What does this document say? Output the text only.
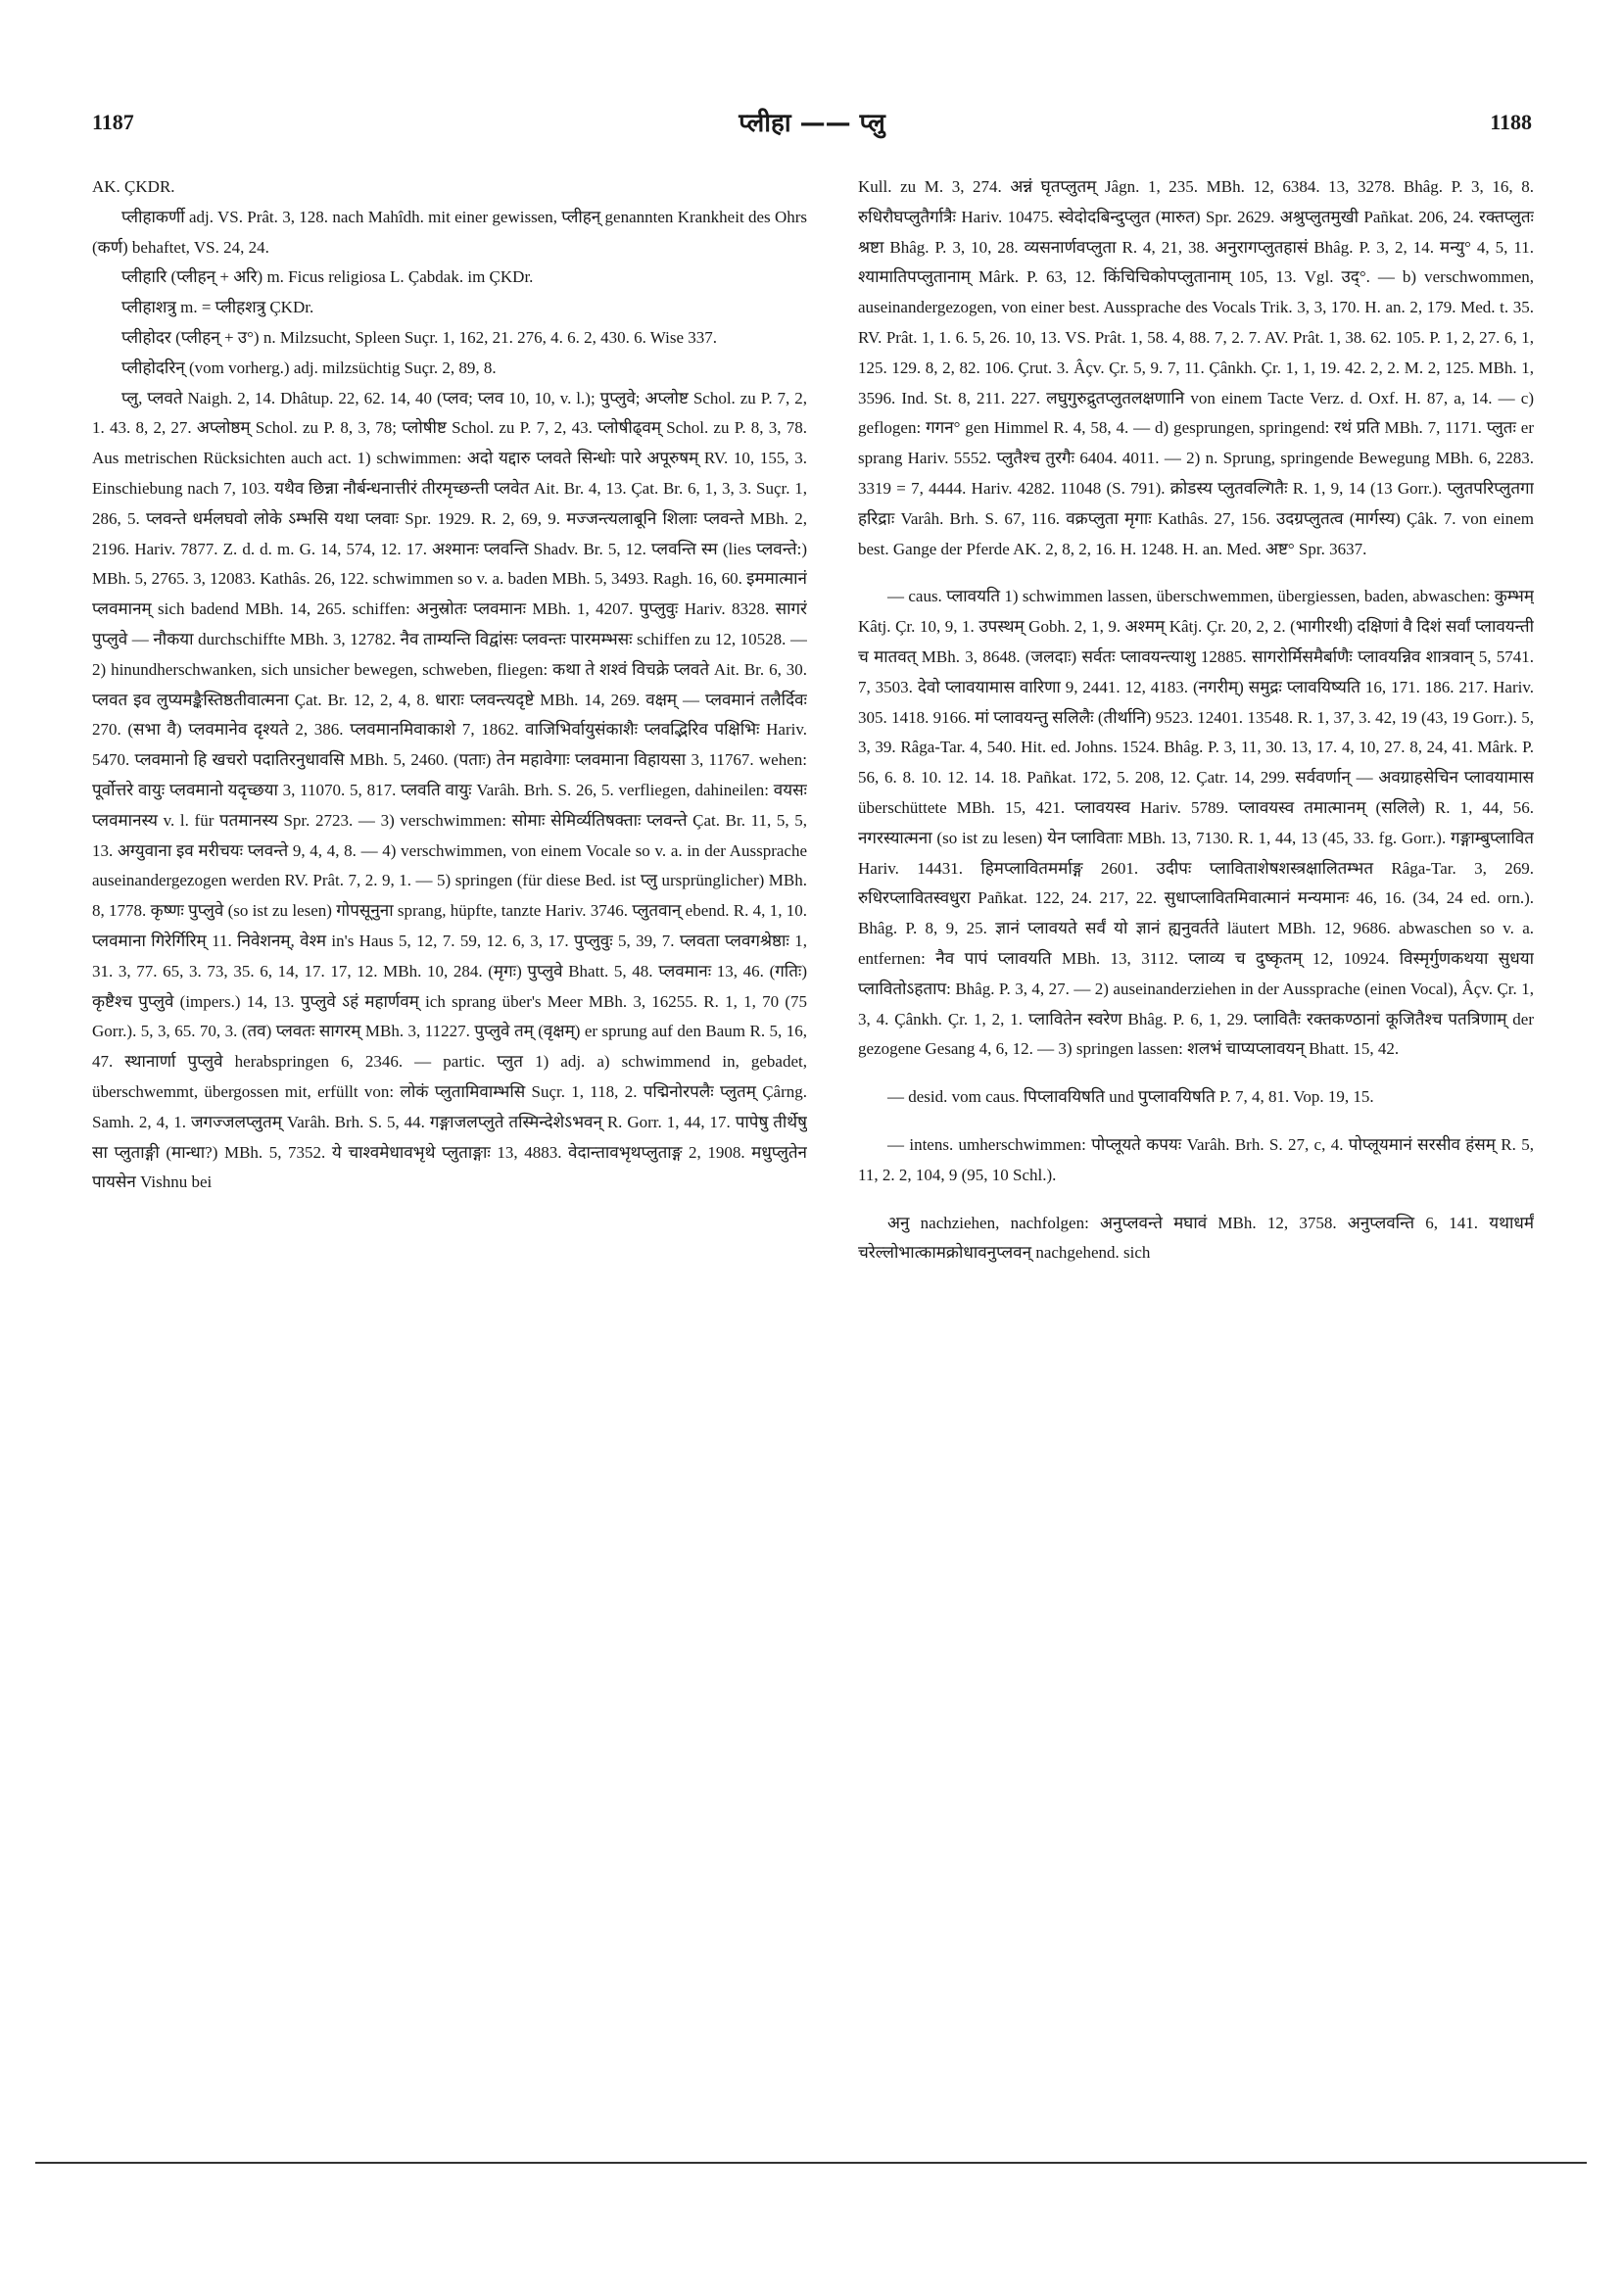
1187	प्लीहा —— प्लु	1188

AK. ÇKDR.

प्लीहाकर्णी adj. VS. Prât. 3, 128. nach Mahîdh. mit einer gewissen, प्लीहन् genannten Krankheit des Ohrs (कर्ण) behaftet, VS. 24, 24.

प्लीहारि (प्लीहन् + अरि) m. Ficus religiosa L. Çabdak. im ÇKDr.

प्लीहाशत्रु m. = प्लीहशत्रु ÇKDr.

प्लीहोदर (प्लीहन् + उ°) n. Milzsucht, Spleen Suçr. 1, 162, 21. 276, 4. 6. 2, 430. 6. Wise 337.

प्लीहोदरिन् (vom vorherg.) adj. milzsüchtig Suçr. 2, 89, 8.

प्लु, प्लवते Naigh. 2, 14. Dhâtup. 22, 62. 14, 40 (प्लव; प्लव 10, 10, v. l.); पुप्लुवे; अप्लोष्ट Schol. zu P. 7, 2, 1. 43. 8, 2, 27. अप्लोष्ठम् Schol. zu P. 8, 3, 78; प्लोषीष्ट Schol. zu P. 7, 2, 43. प्लोषीढ्वम् Schol. zu P. 8, 3, 78. Aus metrischen Rücksichten auch act. 1) schwimmen: अदो यद्दारु प्लवते सिन्धोः पारे अपूरुषम् RV. 10, 155, 3. Einschiebung nach 7, 103. यथैव छिन्ना नौर्बन्धनात्तीरं तीरमृच्छन्ती प्लवेत Ait. Br. 4, 13. Çat. Br. 6, 1, 3, 3. Suçr. 1, 286, 5. प्लवन्ते धर्मलघवो लोके ऽम्भसि यथा प्लवाः Spr. 1929. R. 2, 69, 9. मज्जन्त्यलाबूनि शिलाः प्लवन्ते MBh. 2, 2196. Hariv. 7877. Z. d. d. m. G. 14, 574, 12. 17. अश्मानः प्लवन्ति Shadv. Br. 5, 12. प्लवन्ति स्म (lies प्लवन्ते:) MBh. 5, 2765. 3, 12083. Kathâs. 26, 122. schwimmen so v. a. baden MBh. 5, 3493. Ragh. 16, 60. इममात्मानं प्लवमानम् sich badend MBh. 14, 265. schiffen: अनुस्रोतः प्लवमानः MBh. 1, 4207. पुप्लुवुः Hariv. 8328. सागरं पुप्लुवे — नौकया durchschiffte MBh. 3, 12782. नैव ताम्यन्ति विद्वांसः प्लवन्तः पारमम्भसः schiffen zu 12, 10528. — 2) hinundherschwanken, sich unsicher bewegen, schweben, fliegen: कथा ते शश्वं विचक्रे प्लवते Ait. Br. 6, 30. प्लवत इव लुप्यमङ्कैस्तिष्ठतीवात्मना Çat. Br. 12, 2, 4, 8. धाराः प्लवन्त्यदृष्टे MBh. 14, 269. वक्षम् — प्लवमानं तलैर्दिवः 270. (सभा वै) प्लवमानेव दृश्यते 2, 386. प्लवमानमिवाकाशे 7, 1862. वाजिभिर्वायुसंकाशैः प्लवद्भिरिव पक्षिभिः Hariv. 5470. प्लवमानो हि खचरो पदातिरनुधावसि MBh. 5, 2460. (पताः) तेन महावेगाः प्लवमाना विहायसा 3, 11767. wehen: पूर्वोत्तरे वायुः प्लवमानो यदृच्छया 3, 11070. 5, 817. प्लवति वायुः Varâh. Brh. S. 26, 5. verfliegen, dahineilen: वयसः प्लवमानस्य v. l. für पतमानस्य Spr. 2723. — 3) verschwimmen: सोमाः सेमिर्व्यतिषक्ताः प्लवन्ते Çat. Br. 11, 5, 5, 13. अग्युवाना इव मरीचयः प्लवन्ते 9, 4, 4, 8. — 4) verschwimmen, von einem Vocale so v. a. in der Aussprache auseinandergezogen werden RV. Prât. 7, 2. 9, 1. — 5) springen (für diese Bed. ist प्लु ursprünglicher) MBh. 8, 1778. कृष्णः पुप्लुवे (so ist zu lesen) गोपसूनुना sprang, hüpfte, tanzte Hariv. 3746. प्लुतवान् ebend. R. 4, 1, 10. प्लवमाना गिरेर्गिरिम् 11. निवेशनम्, वेश्म in's Haus 5, 12, 7. 59, 12. 6, 3, 17. पुप्लुवुः 5, 39, 7. प्लवता प्लवगश्रेष्ठाः 1, 31. 3, 77. 65, 3. 73, 35. 6, 14, 17. 17, 12. MBh. 10, 284. (मृगः) पुप्लुवे Bhatt. 5, 48. प्लवमानः 13, 46. (गतिः) कृष्टैश्च पुप्लुवे (impers.) 14, 13. पुप्लुवे ऽहं महार्णवम् ich sprang über's Meer MBh. 3, 16255. R. 1, 1, 70 (75 Gorr.). 5, 3, 65. 70, 3. (तव) प्लवतः सागरम् MBh. 3, 11227. पुप्लुवे तम् (वृक्षम्) er sprung auf den Baum R. 5, 16, 47. स्थानार्णा पुप्लुवे herabspringen 6, 2346. — partic. प्लुत 1) adj. a) schwimmend in, gebadet, überschwemmt, übergossen mit, erfüllt von: लोकं प्लुतामिवाम्भसि Suçr. 1, 118, 2. पद्मिनोरपलैः प्लुतम् Çârng. Samh. 2, 4, 1. जगज्जलप्लुतम् Varâh. Brh. S. 5, 44. गङ्गाजलप्लुते तस्मिन्देशेऽभवन् R. Gorr. 1, 44, 17. पापेषु तीर्थेषु सा प्लुताङ्गी (मान्धा?) MBh. 5, 7352. ये चाश्वमेधावभृथे प्लुताङ्गाः 13, 4883. वेदान्तावभृथप्लुताङ्ग 2, 1908. मधुप्लुतेन पायसेन Vishnu bei

Kull. zu M. 3, 274. अन्नं घृतप्लुतम् Jâgn. 1, 235. MBh. 12, 6384. 13, 3278. Bhâg. P. 3, 16, 8. रुधिरौघप्लुतैर्गात्रैः Hariv. 10475. स्वेदोदबिन्दुप्लुत (मारुत) Spr. 2629. अश्रुप्लुतमुखी Pañkat. 206, 24. रक्तप्लुतः श्रष्टा Bhâg. P. 3, 10, 28. व्यसनार्णवप्लुता R. 4, 21, 38. अनुरागप्लुतहासं Bhâg. P. 3, 2, 14. मन्यु° 4, 5, 11. श्यामातिपप्लुतानाम् Mârk. P. 63, 12. किंचिचिकोपप्लुतानाम् 105, 13. Vgl. उद्°. — b) verschwommen, auseinandergezogen, von einer best. Aussprache des Vocals Trik. 3, 3, 170. H. an. 2, 179. Med. t. 35. RV. Prât. 1, 1. 6. 5, 26. 10, 13. VS. Prât. 1, 58. 4, 88. 7, 2. 7. AV. Prât. 1, 38. 62. 105. P. 1, 2, 27. 6, 1, 125. 129. 8, 2, 82. 106. Çrut. 3. Âçv. Çr. 5, 9. 7, 11. Çânkh. Çr. 1, 1, 19. 42. 2, 2. M. 2, 125. MBh. 1, 3596. Ind. St. 8, 211. 227. लघुगुरुद्रुतप्लुतलक्षणानि von einem Tacte Verz. d. Oxf. H. 87, a, 14. — c) geflogen: गगन° gen Himmel R. 4, 58, 4. — d) gesprungen, springend: रथं प्रति MBh. 7, 1171. प्लुतः er sprang Hariv. 5552. प्लुतैश्च तुरगैः 6404. 4011. — 2) n. Sprung, springende Bewegung MBh. 6, 2283. 3319 = 7, 4444. Hariv. 4282. 11048 (S. 791). क्रोडस्य प्लुतवल्गितैः R. 1, 9, 14 (13 Gorr.). प्लुतपरिप्लुतगा हरिद्राः Varâh. Brh. S. 67, 116. वक्रप्लुता मृगाः Kathâs. 27, 156. उदग्रप्लुतत्व (मार्गस्य) Çâk. 7. von einem best. Gange der Pferde AK. 2, 8, 2, 16. H. 1248. H. an. Med. अष्ट° Spr. 3637.

— caus. प्लावयति 1) schwimmen lassen, überschwemmen, übergiessen, baden, abwaschen: कुम्भम् Kâtj. Çr. 10, 9, 1. उपस्थम् Gobh. 2, 1, 9. अश्मम् Kâtj. Çr. 20, 2, 2. (भागीरथी) दक्षिणां वै दिशं सर्वां प्लावयन्ती च मातवत् MBh. 3, 8648. (जलदाः) सर्वतः प्लावयन्त्याशु 12885. सागरोर्मिसमैर्बाणैः प्लावयन्निव शात्रवान् 5, 5741. 7, 3503. देवो प्लावयामास वारिणा 9, 2441. 12, 4183. (नगरीम्) समुद्रः प्लावयिष्यति 16, 171. 186. 217. Hariv. 305. 1418. 9166. मां प्लावयन्तु सलिलैः (तीर्थानि) 9523. 12401. 13548. R. 1, 37, 3. 42, 19 (43, 19 Gorr.). 5, 3, 39. Râga-Tar. 4, 540. Hit. ed. Johns. 1524. Bhâg. P. 3, 11, 30. 13, 17. 4, 10, 27. 8, 24, 41. Mârk. P. 56, 6. 8. 10. 12. 14. 18. Pañkat. 172, 5. 208, 12. Çatr. 14, 299. सर्ववर्णान् — अवग्राहसेचिन प्लावयामास überschüttete MBh. 15, 421. प्लावयस्व Hariv. 5789. प्लावयस्व तमात्मानम् (सलिले) R. 1, 44, 56. नगरस्यात्मना (so ist zu lesen) येन प्लाविताः MBh. 13, 7130. R. 1, 44, 13 (45, 33. fg. Gorr.). गङ्गाम्बुप्लावित Hariv. 14431. हिमप्लावितमर्माङ्ग 2601. उदीपः प्लाविताशेषशस्त्रक्षालितम्भत Râga-Tar. 3, 269. रुधिरप्लावितस्वधुरा Pañkat. 122, 24. 217, 22. सुधाप्लावितमिवात्मानं मन्यमानः 46, 16. (34, 24 ed. orn.). Bhâg. P. 8, 9, 25. ज्ञानं प्लावयते सर्वं यो ज्ञानं ह्यनुवर्तते läutert MBh. 12, 9686. abwaschen so v. a. entfernen: नैव पापं प्लावयति MBh. 13, 3112. प्लाव्य च दुष्कृतम् 12, 10924. विस्मृर्गुणकथया सुधया प्लावितोऽहताप: Bhâg. P. 3, 4, 27. — 2) auseinanderziehen in der Aussprache (einen Vocal), Âçv. Çr. 1, 3, 4. Çânkh. Çr. 1, 2, 1. प्लावितेन स्वरेण Bhâg. P. 6, 1, 29. प्लावितैः रक्तकण्ठानां कूजितैश्च पतत्रिणाम् der gezogene Gesang 4, 6, 12. — 3) springen lassen: शलभं चाप्यप्लावयन् Bhatt. 15, 42.

— desid. vom caus. पिप्लावयिषति und पुप्लावयिषति P. 7, 4, 81. Vop. 19, 15.

— intens. umherschwimmen: पोप्लूयते कपयः Varâh. Brh. S. 27, c, 4. पोप्लूयमानं सरसीव हंसम् R. 5, 11, 2. 2, 104, 9 (95, 10 Schl.).

अनु nachziehen, nachfolgen: अनुप्लवन्ते मघावं MBh. 12, 3758. अनुप्लवन्ति 6, 141. यथाधर्मं चरेल्लोभात्कामक्रोधावनुप्लवन् nachgehend. sich
